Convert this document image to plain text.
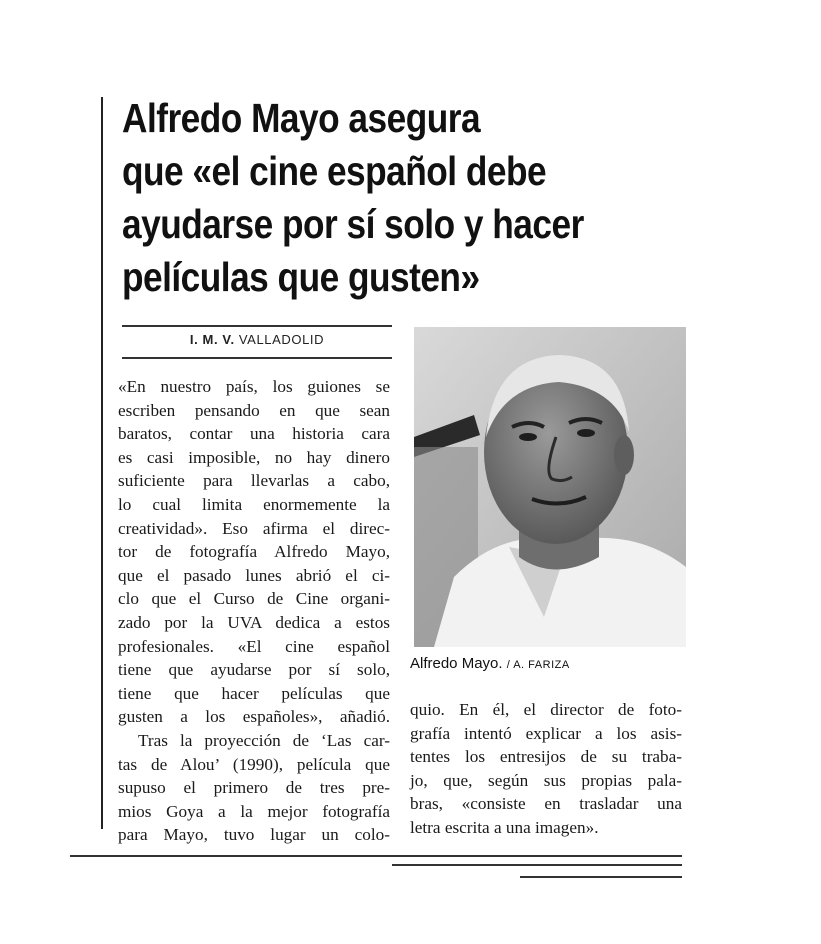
Alfredo Mayo asegura
que «el cine español debe
ayudarse por sí solo y hacer
películas que gusten»
I. M. V. VALLADOLID
«En nuestro país, los guiones se
escriben pensando en que sean
baratos, contar una historia cara
es casi imposible, no hay dinero
suficiente para llevarlas a cabo,
lo cual limita enormemente la
creatividad». Eso afirma el direc-
tor de fotografía Alfredo Mayo,
que el pasado lunes abrió el ci-
clo que el Curso de Cine organi-
zado por la UVA dedica a estos
profesionales. «El cine español
tiene que ayudarse por sí solo,
tiene que hacer películas que
gusten a los españoles», añadió.
Tras la proyección de ‘Las car-
tas de Alou’ (1990), película que
supuso el primero de tres pre-
mios Goya a la mejor fotografía
para Mayo, tuvo lugar un colo-
Alfredo Mayo. / A. FARIZA
quio. En él, el director de foto-
grafía intentó explicar a los asis-
tentes los entresijos de su traba-
jo, que, según sus propias pala-
bras, «consiste en trasladar una
letra escrita a una imagen».
